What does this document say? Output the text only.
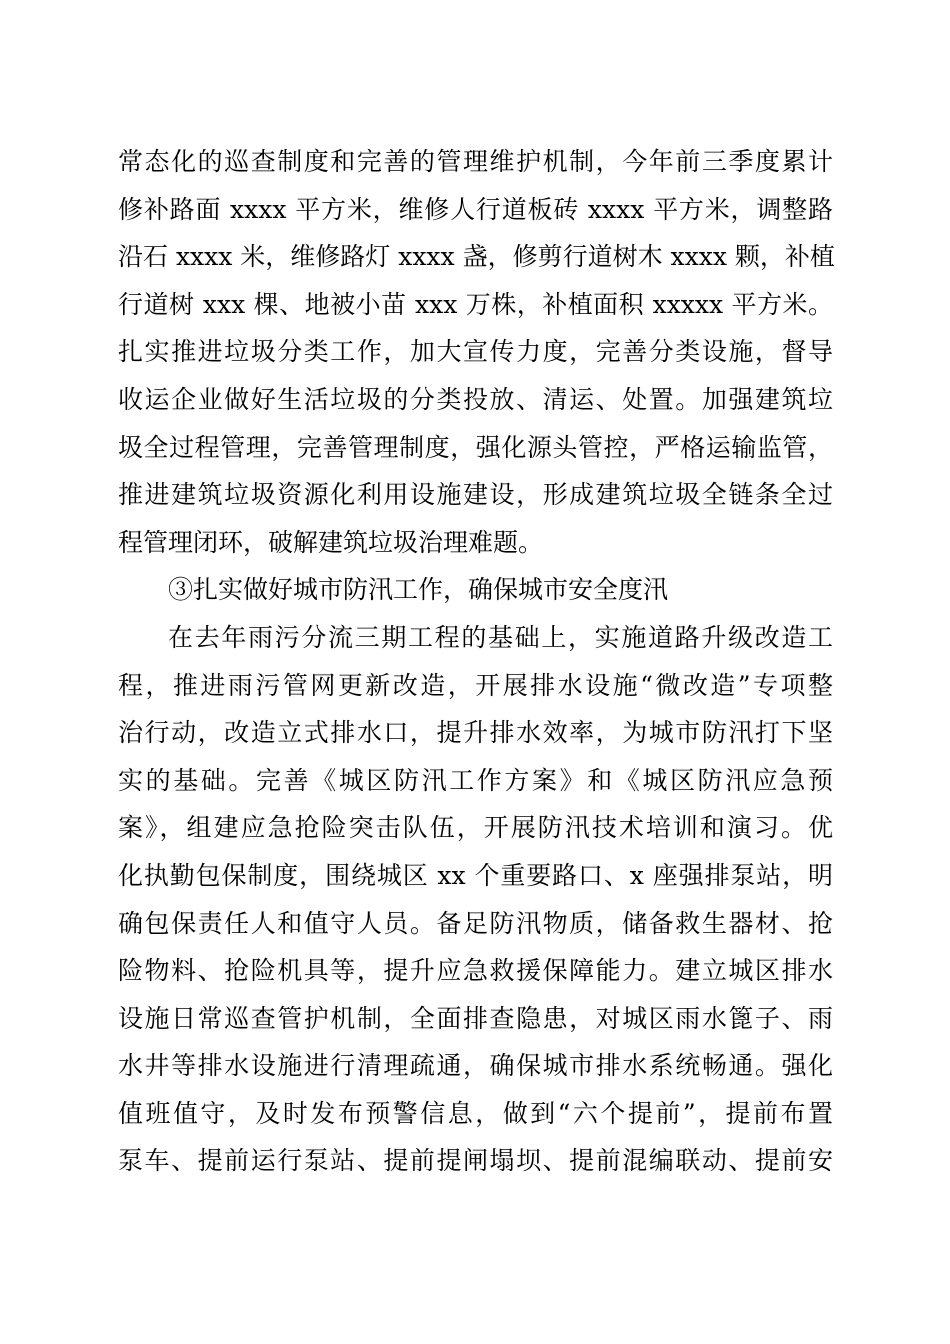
常态化的巡查制度和完善的管理维护机制，今年前三季度累计
修补路面 xxxx 平方米，维修人行道板砖 xxxx 平方米，调整路
沿石 xxxx 米，维修路灯 xxxx 盏，修剪行道树木 xxxx 颗，补植
行道树 xxx 棵、地被小苗 xxx 万株，补植面积 xxxxx 平方米。
扎实推进垃圾分类工作，加大宣传力度，完善分类设施，督导
收运企业做好生活垃圾的分类投放、清运、处置。加强建筑垃
圾全过程管理，完善管理制度，强化源头管控，严格运输监管，
推进建筑垃圾资源化利用设施建设，形成建筑垃圾全链条全过
程管理闭环，破解建筑垃圾治理难题。
③扎实做好城市防汛工作，确保城市安全度汛
在去年雨污分流三期工程的基础上，实施道路升级改造工
程，推进雨污管网更新改造，开展排水设施“微改造”专项整
治行动，改造立式排水口，提升排水效率，为城市防汛打下坚
实的基础。完善《城区防汛工作方案》和《城区防汛应急预
案》，组建应急抢险突击队伍，开展防汛技术培训和演习。优
化执勤包保制度，围绕城区 xx 个重要路口、x 座强排泵站，明
确包保责任人和值守人员。备足防汛物质，储备救生器材、抢
险物料、抢险机具等，提升应急救援保障能力。建立城区排水
设施日常巡查管护机制，全面排查隐患，对城区雨水篦子、雨
水井等排水设施进行清理疏通，确保城市排水系统畅通。强化
值班值守，及时发布预警信息，做到“六个提前”，提前布置
泵车、提前运行泵站、提前提闸塌坝、提前混编联动、提前安
